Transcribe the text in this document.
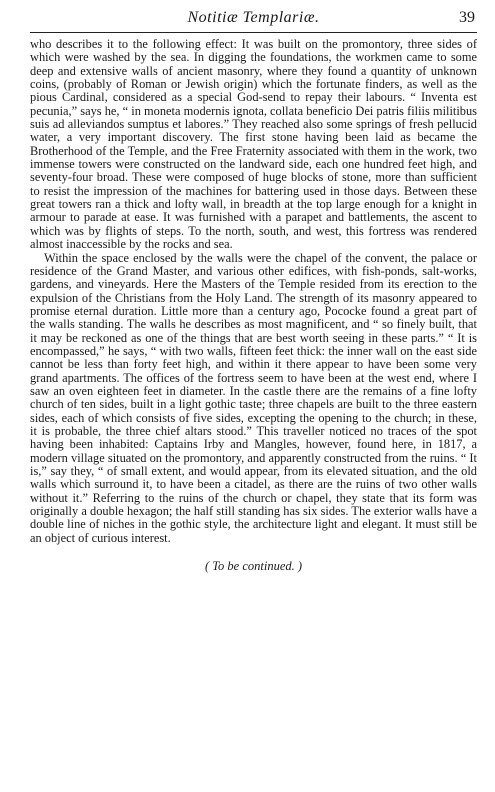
Notitiæ Templariæ.	39

who describes it to the following effect: It was built on the promontory, three sides of which were washed by the sea. In digging the foundations, the workmen came to some deep and extensive walls of ancient masonry, where they found a quantity of unknown coins, (probably of Roman or Jewish origin) which the fortunate finders, as well as the pious Cardinal, considered as a special God-send to repay their labours. “ Inventa est pecunia,” says he, “ in moneta modernis ignota, collata beneficio Dei patris filiis militibus suis ad alleviandos sumptus et labores.” They reached also some springs of fresh pellucid water, a very important discovery. The first stone having been laid as became the Brotherhood of the Temple, and the Free Fraternity associated with them in the work, two immense towers were constructed on the landward side, each one hundred feet high, and seventy-four broad. These were composed of huge blocks of stone, more than sufficient to resist the impression of the machines for battering used in those days. Between these great towers ran a thick and lofty wall, in breadth at the top large enough for a knight in armour to parade at ease. It was furnished with a parapet and battlements, the ascent to which was by flights of steps. To the north, south, and west, this fortress was rendered almost inaccessible by the rocks and sea.

Within the space enclosed by the walls were the chapel of the convent, the palace or residence of the Grand Master, and various other edifices, with fish-ponds, salt-works, gardens, and vineyards. Here the Masters of the Temple resided from its erection to the expulsion of the Christians from the Holy Land. The strength of its masonry appeared to promise eternal duration. Little more than a century ago, Pococke found a great part of the walls standing. The walls he describes as most magnificent, and “ so finely built, that it may be reckoned as one of the things that are best worth seeing in these parts.” “ It is encompassed,” he says, “ with two walls, fifteen feet thick: the inner wall on the east side cannot be less than forty feet high, and within it there appear to have been some very grand apartments. The offices of the fortress seem to have been at the west end, where I saw an oven eighteen feet in diameter. In the castle there are the remains of a fine lofty church of ten sides, built in a light gothic taste; three chapels are built to the three eastern sides, each of which consists of five sides, excepting the opening to the church; in these, it is probable, the three chief altars stood.” This traveller noticed no traces of the spot having been inhabited: Captains Irby and Mangles, however, found here, in 1817, a modern village situated on the promontory, and apparently constructed from the ruins. “ It is,” say they, “ of small extent, and would appear, from its elevated situation, and the old walls which surround it, to have been a citadel, as there are the ruins of two other walls without it.” Referring to the ruins of the church or chapel, they state that its form was originally a double hexagon; the half still standing has six sides. The exterior walls have a double line of niches in the gothic style, the architecture light and elegant. It must still be an object of curious interest.

( To be continued. )
